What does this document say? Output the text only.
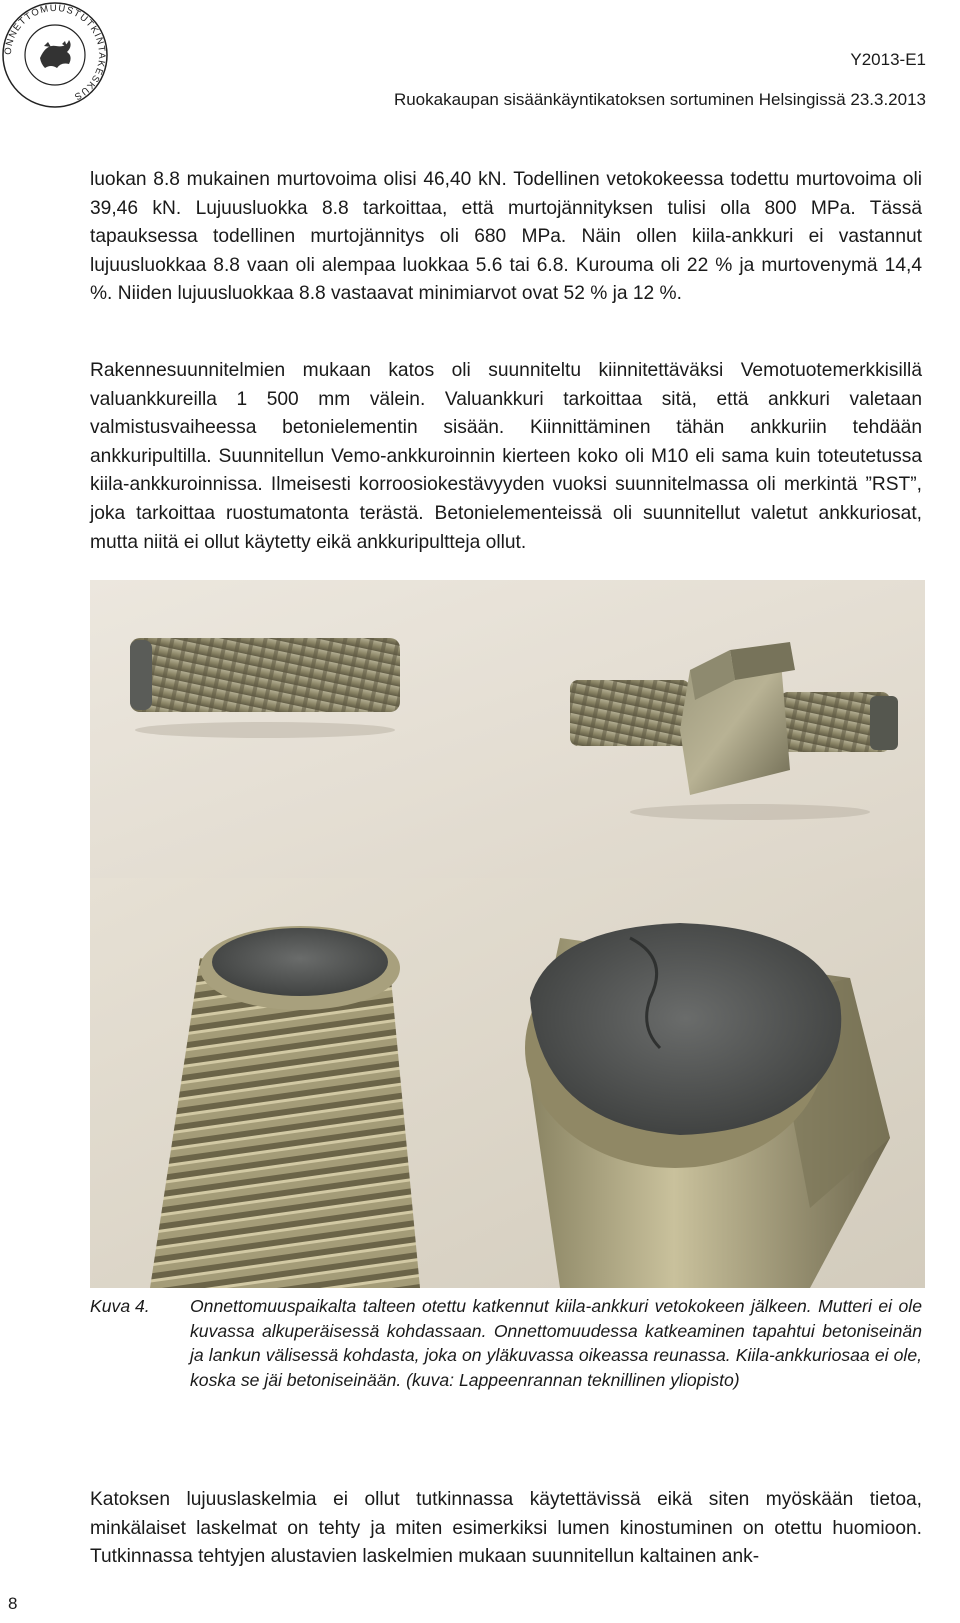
ONNETTOMUUSTUTKINTAKESKUS
Y2013-E1
Ruokakaupan sisäänkäyntikatoksen sortuminen Helsingissä 23.3.2013

luokan 8.8 mukainen murtovoima olisi 46,40 kN. Todellinen vetokokeessa todettu murtovoima oli 39,46 kN. Lujuusluokka 8.8 tarkoittaa, että murtojännityksen tulisi olla 800 MPa. Tässä tapauksessa todellinen murtojännitys oli 680 MPa. Näin ollen kiila-ankkuri ei vastannut lujuusluokkaa 8.8 vaan oli alempaa luokkaa 5.6 tai 6.8. Kurouma oli 22 % ja murtovenymä 14,4 %. Niiden lujuusluokkaa 8.8 vastaavat minimiarvot ovat 52 % ja 12 %.

Rakennesuunnitelmien mukaan katos oli suunniteltu kiinnitettäväksi Vemotuotemerkkisillä valuankkureilla 1 500 mm välein. Valuankkuri tarkoittaa sitä, että ankkuri valetaan valmistusvaiheessa betonielementin sisään. Kiinnittäminen tähän ankkuriin tehdään ankkuripultilla. Suunnitellun Vemo-ankkuroinnin kierteen koko oli M10 eli sama kuin toteutetussa kiila-ankkuroinnissa. Ilmeisesti korroosiokestävyyden vuoksi suunnitelmassa oli merkintä ”RST”, joka tarkoittaa ruostumatonta terästä. Betonielementeissä oli suunnitellut valetut ankkuriosat, mutta niitä ei ollut käytetty eikä ankkuripultteja ollut.

Kuva 4. Onnettomuuspaikalta talteen otettu katkennut kiila-ankkuri vetokokeen jälkeen. Mutteri ei ole kuvassa alkuperäisessä kohdassaan. Onnettomuudessa katkeaminen tapahtui betoniseinän ja lankun välisessä kohdasta, joka on yläkuvassa oikeassa reunassa. Kiila-ankkuriosaa ei ole, koska se jäi betoniseinään. (kuva: Lappeenrannan teknillinen yliopisto)

Katoksen lujuuslaskelmia ei ollut tutkinnassa käytettävissä eikä siten myöskään tietoa, minkälaiset laskelmat on tehty ja miten esimerkiksi lumen kinostuminen on otettu huomioon. Tutkinnassa tehtyjen alustavien laskelmien mukaan suunnitellun kaltainen ank-

8
